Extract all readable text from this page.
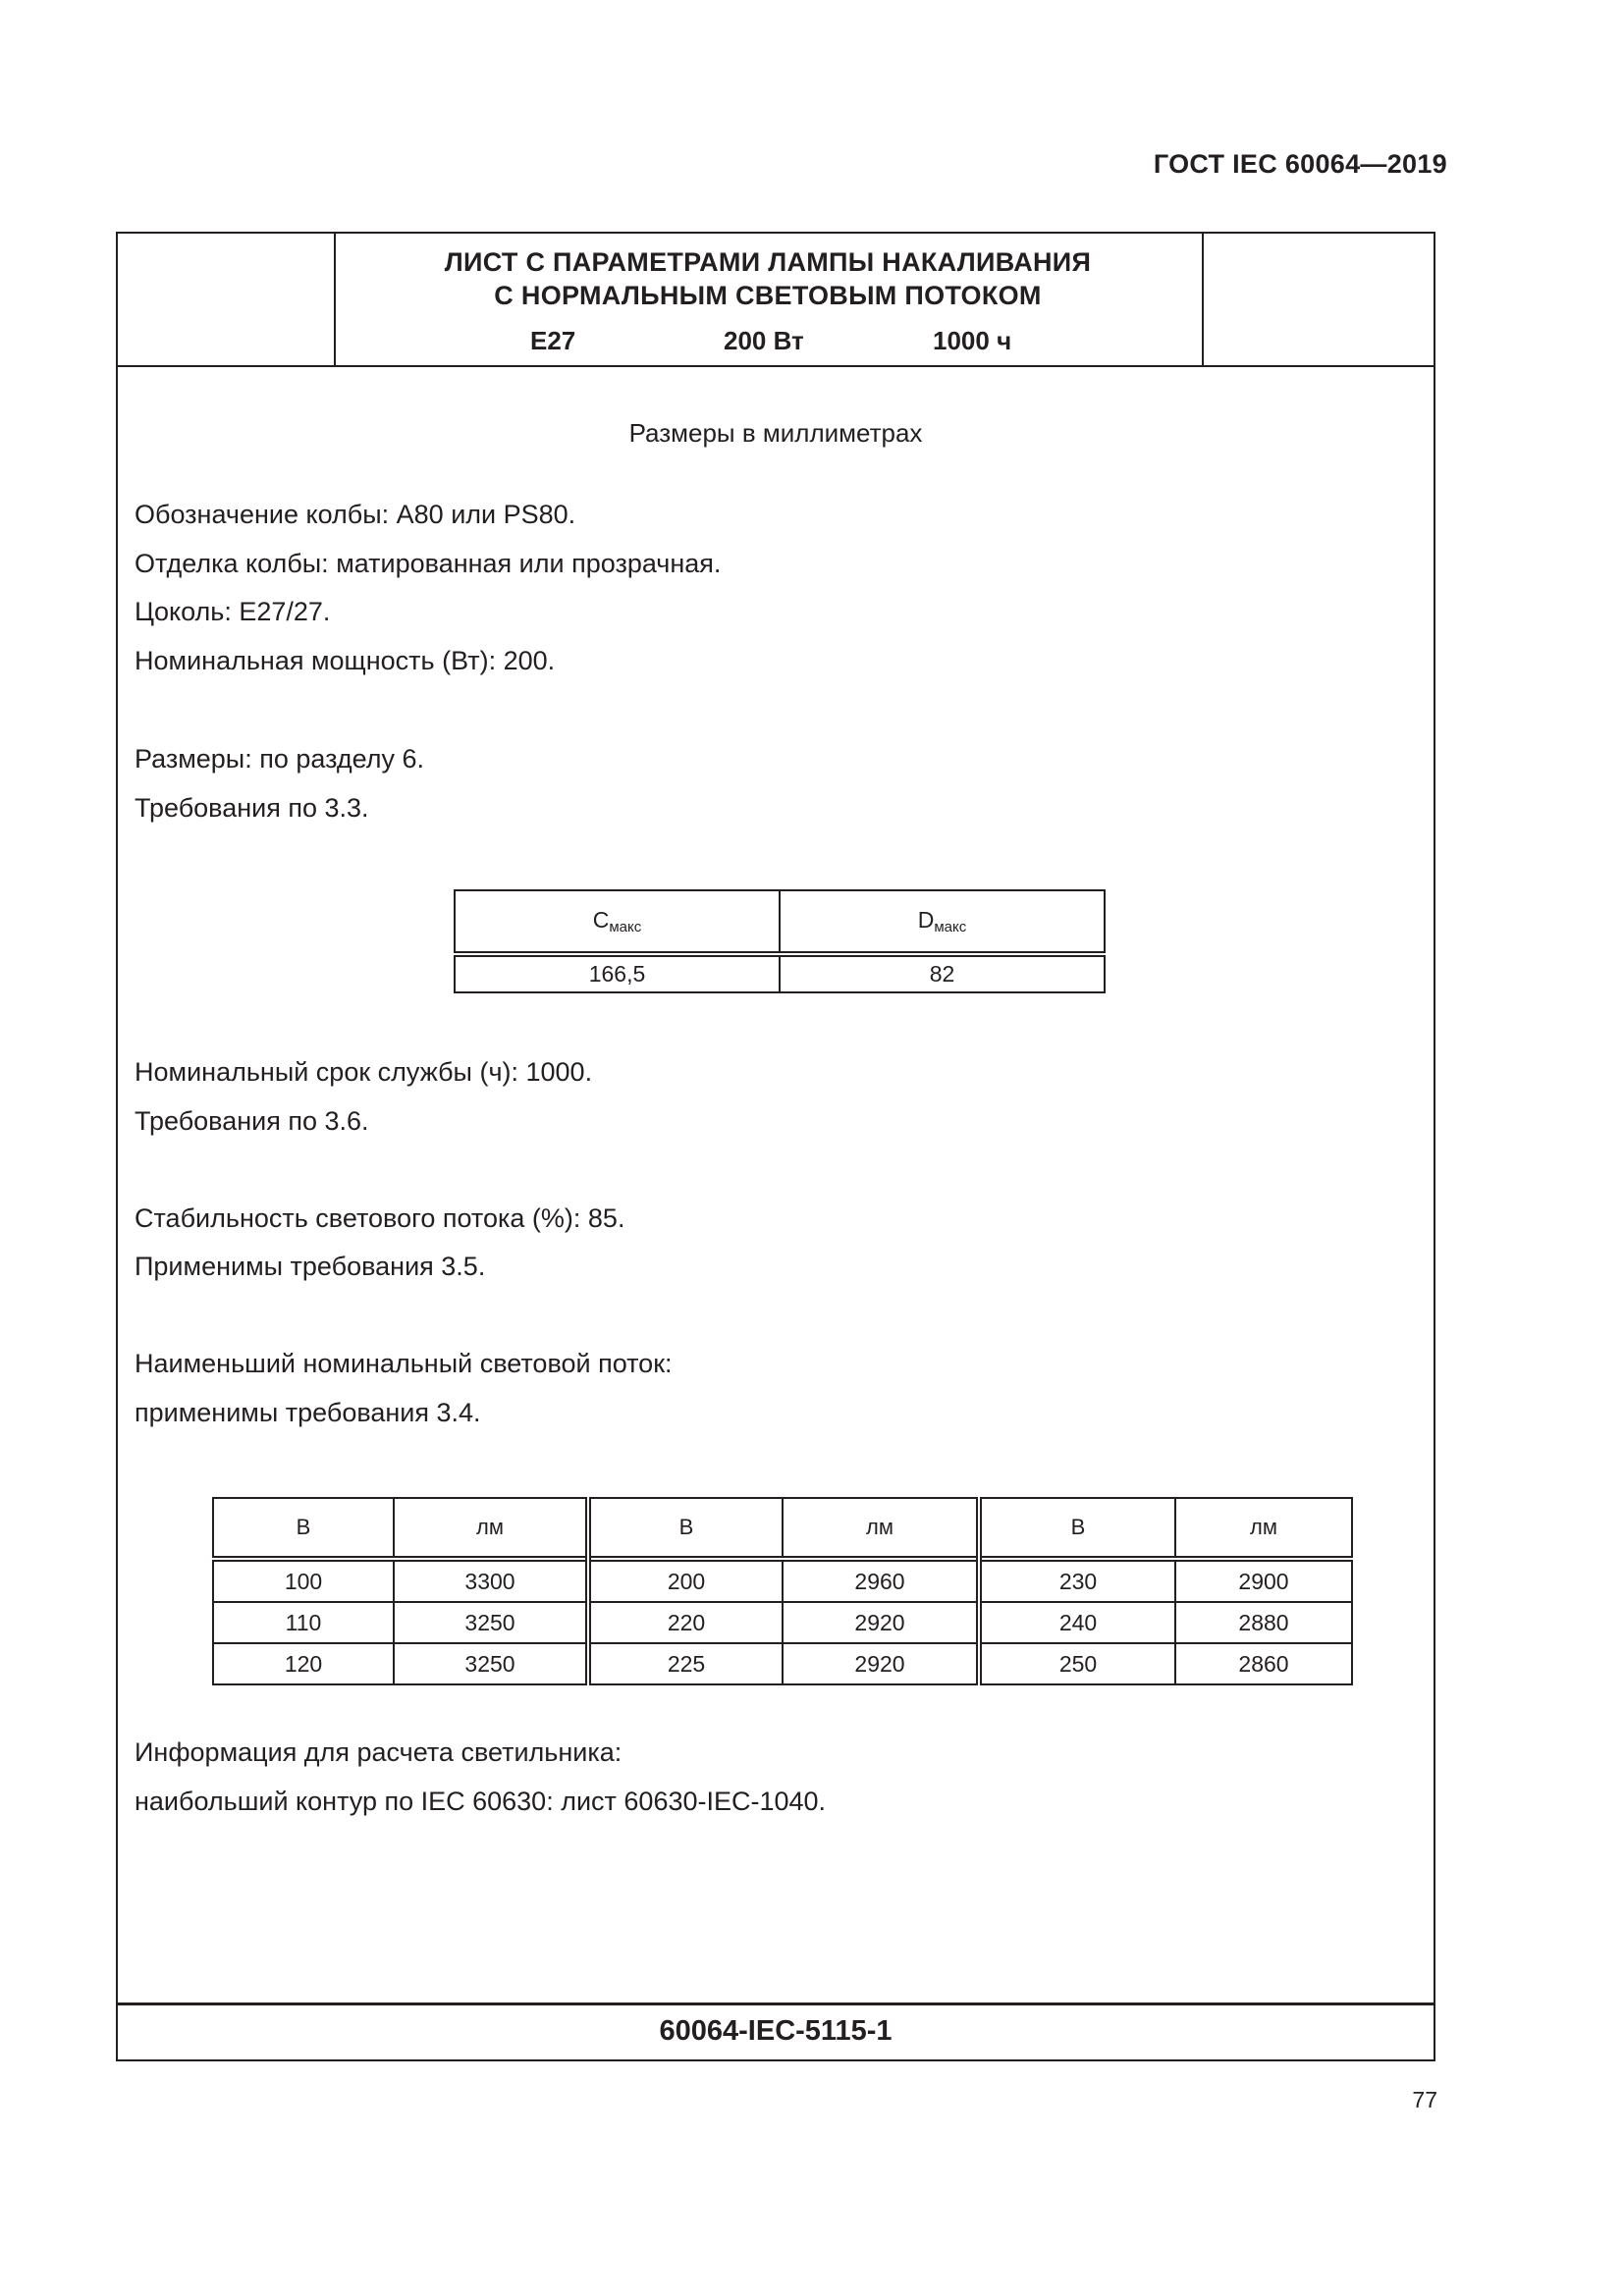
ГОСТ IEC 60064—2019
ЛИСТ С ПАРАМЕТРАМИ ЛАМПЫ НАКАЛИВАНИЯ
С НОРМАЛЬНЫМ СВЕТОВЫМ ПОТОКОМ
E27	200 Вт	1000 ч
Размеры в миллиметрах
Обозначение колбы: A80 или PS80.
Отделка колбы: матированная или прозрачная.
Цоколь: E27/27.
Номинальная мощность (Вт): 200.
Размеры: по разделу 6.
Требования по 3.3.
$C_{макс}$	$D_{макс}$
166,5	82
Номинальный срок службы (ч): 1000.
Требования по 3.6.
Стабильность светового потока (%): 85.
Применимы требования 3.5.
Наименьший номинальный световой поток:
применимы требования 3.4.
В	лм	В	лм	В	лм
100	3300	200	2960	230	2900
110	3250	220	2920	240	2880
120	3250	225	2920	250	2860
Информация для расчета светильника:
наибольший контур по IEC 60630: лист 60630-IEC-1040.
60064-IEC-5115-1
77
